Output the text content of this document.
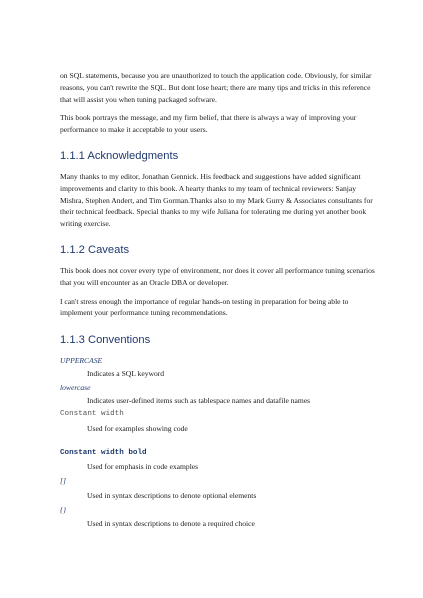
on SQL statements, because you are unauthorized to touch the application code. Obviously, for similar reasons, you can't rewrite the SQL. But dont lose heart; there are many tips and tricks in this reference that will assist you when tuning packaged software.

This book portrays the message, and my firm belief, that there is always a way of improving your performance to make it acceptable to your users.

1.1.1 Acknowledgments

Many thanks to my editor, Jonathan Gennick. His feedback and suggestions have added significant improvements and clarity to this book. A hearty thanks to my team of technical reviewers: Sanjay Mishra, Stephen Andert, and Tim Gorman.Thanks also to my Mark Gurry & Associates consultants for their technical feedback. Special thanks to my wife Juliana for tolerating me during yet another book writing exercise.

1.1.2 Caveats

This book does not cover every type of environment, nor does it cover all performance tuning scenarios that you will encounter as an Oracle DBA or developer.

I can't stress enough the importance of regular hands-on testing in preparation for being able to implement your performance tuning recommendations.

1.1.3 Conventions
UPPERCASE
Indicates a SQL keyword
lowercase
Indicates user-defined items such as tablespace names and datafile names
Constant width
Used for examples showing code
Constant width bold
Used for emphasis in code examples
[]
Used in syntax descriptions to denote optional elements
{}
Used in syntax descriptions to denote a required choice
